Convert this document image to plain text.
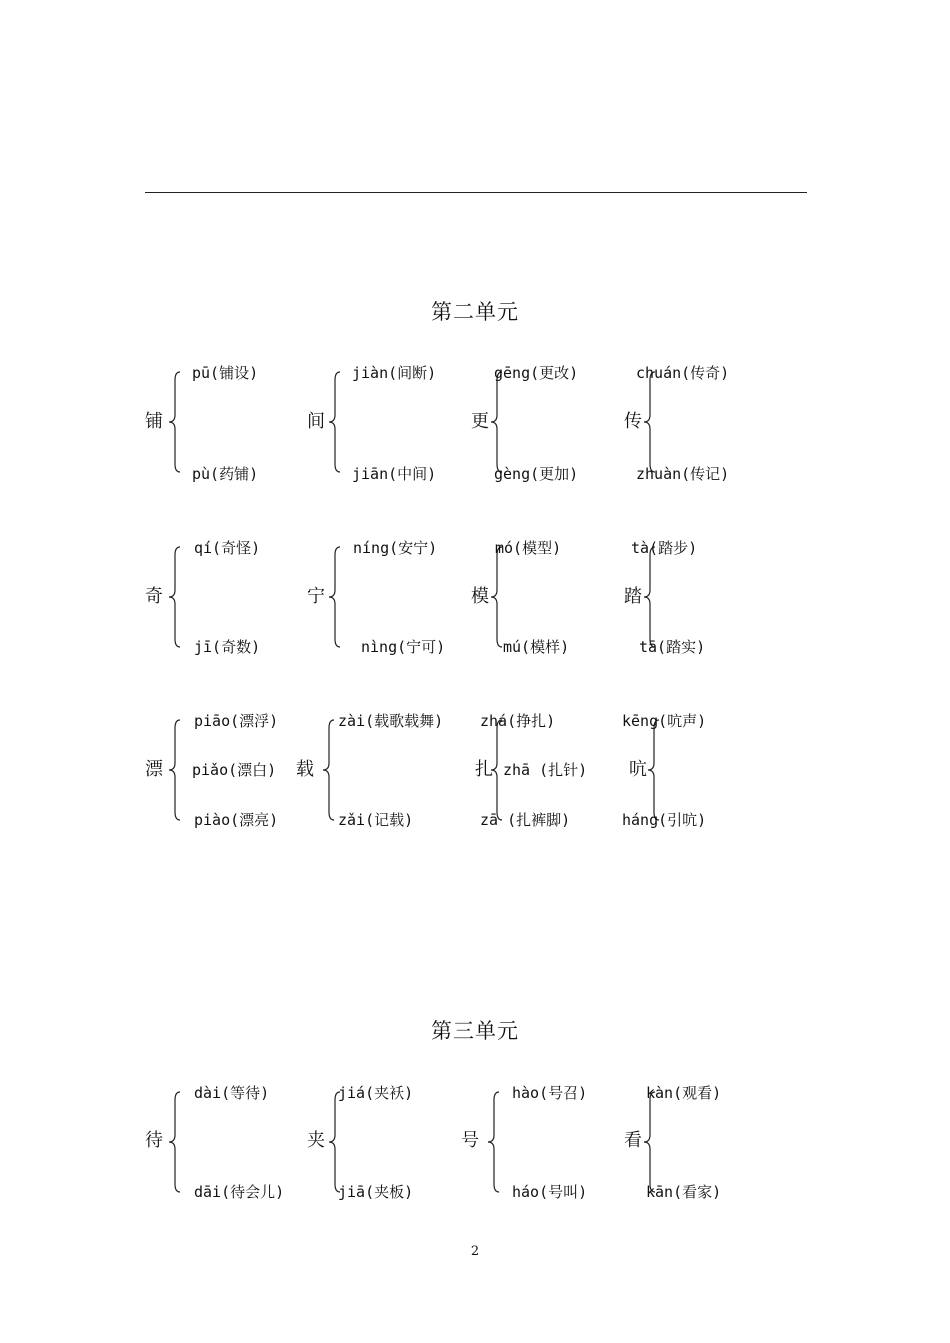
第二单元
第三单元
铺
pū(铺设)
pù(药铺)
间
jiàn(间断)
jiān(中间)
更
gēng(更改)
gèng(更加)
传
chuán(传奇)
zhuàn(传记)
奇
qí(奇怪)
jī(奇数)
宁
níng(安宁)
nìng(宁可)
模
mó(模型)
mú(模样)
踏
tà(踏步)
tā(踏实)
漂
piāo(漂浮)
piǎo(漂白)
piào(漂亮)
载
zài(载歌载舞)
zǎi(记载)
扎
zhá(挣扎)
zhā (扎针)
zā (扎裤脚)
吭
kēng(吭声)
háng(引吭)
待
dài(等待)
dāi(待会儿)
夹
jiá(夹袄)
jiā(夹板)
号
hào(号召)
háo(号叫)
看
kàn(观看)
kān(看家)
2
